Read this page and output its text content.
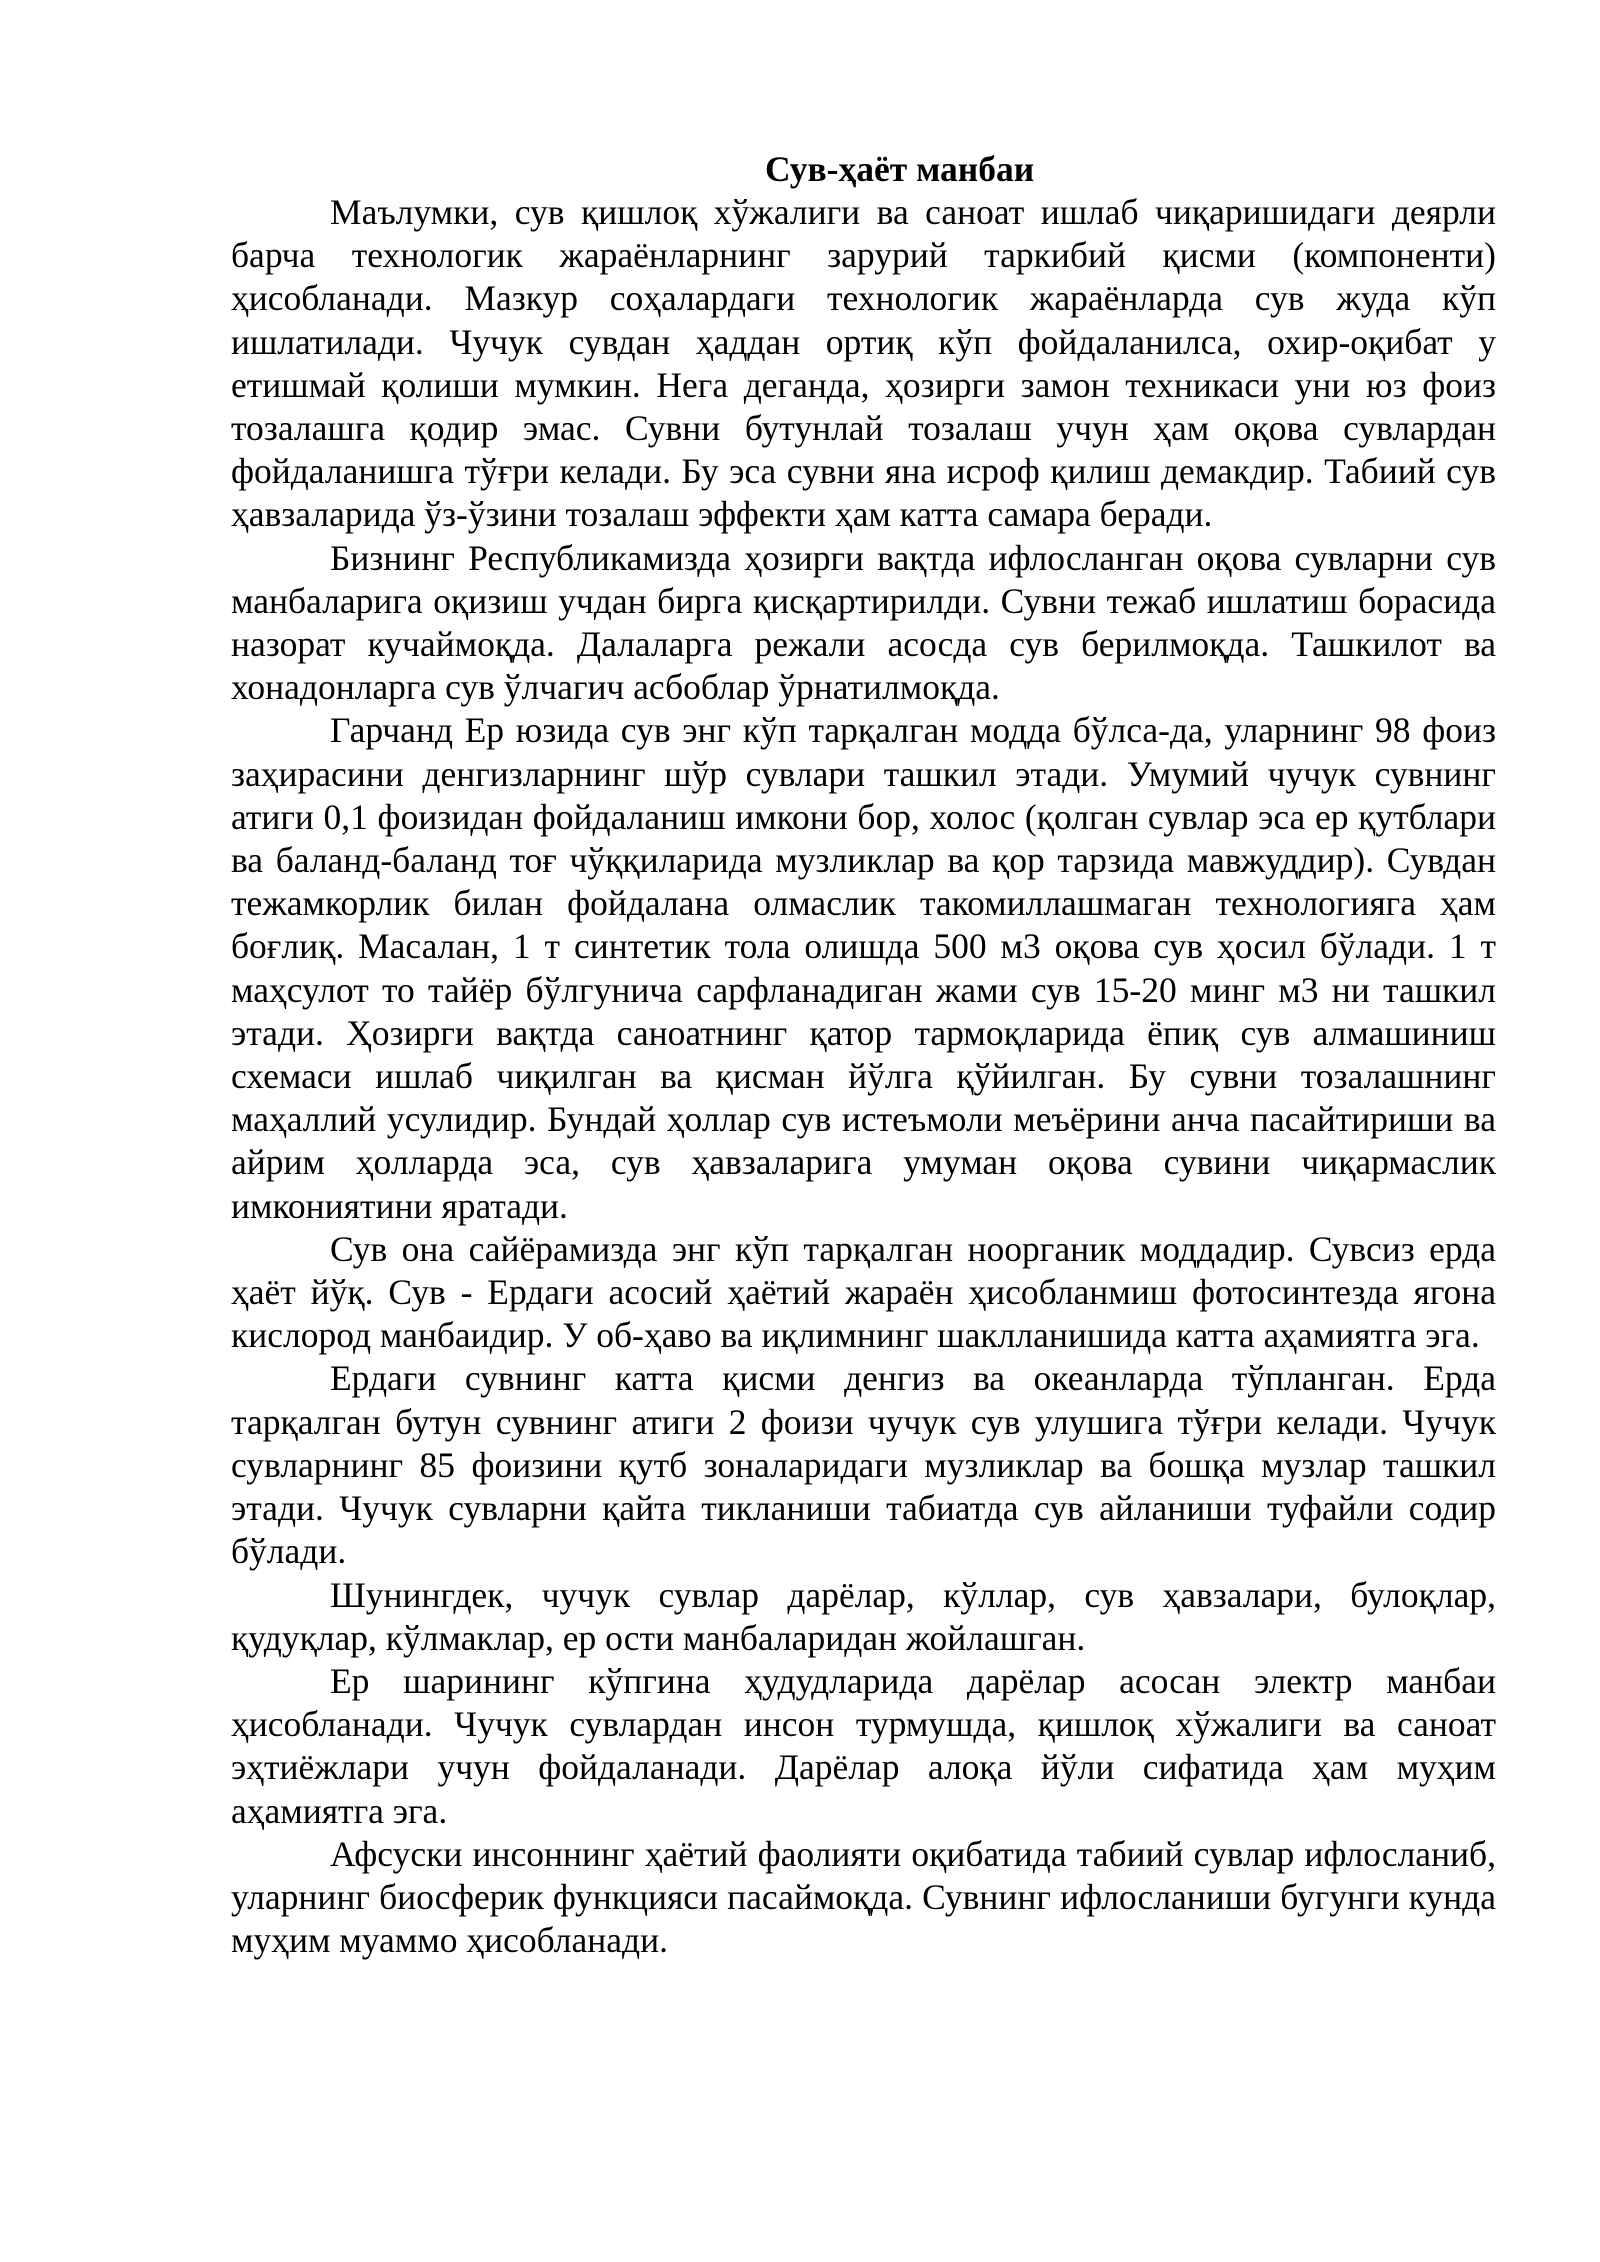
Сув-ҳаёт манбаи

Маълумки, сув қишлоқ хўжалиги ва саноат ишлаб чиқаришидаги деярли барча технологик жараёнларнинг зарурий таркибий қисми (компоненти) ҳисобланади. Мазкур соҳалардаги технологик жараёнларда сув жуда кўп ишлатилади. Чучук сувдан ҳаддан ортиқ кўп фойдаланилса, охир-оқибат у етишмай қолиши мумкин. Нега деганда, ҳозирги замон техникаси уни юз фоиз тозалашга қодир эмас. Сувни бутунлай тозалаш учун ҳам оқова сувлардан фойдаланишга тўғри келади. Бу эса сувни яна исроф қилиш демакдир. Табиий сув ҳавзаларида ўз-ўзини тозалаш эффекти ҳам катта самара беради.

Бизнинг Республикамизда ҳозирги вақтда ифлосланган оқова сувларни сув манбаларига оқизиш учдан бирга қисқартирилди. Сувни тежаб ишлатиш борасида назорат кучаймоқда. Далаларга режали асосда сув берилмоқда. Ташкилот ва хонадонларга сув ўлчагич асбоблар ўрнатилмоқда.

Гарчанд Ер юзида сув энг кўп тарқалган модда бўлса-да, уларнинг 98 фоиз заҳирасини денгизларнинг шўр сувлари ташкил этади. Умумий чучук сувнинг атиги 0,1 фоизидан фойдаланиш имкони бор, холос (қолган сувлар эса ер қутблари ва баланд-баланд тоғ чўққиларида музликлар ва қор тарзида мавжуддир). Сувдан тежамкорлик билан фойдалана олмаслик такомиллашмаган технологияга ҳам боғлиқ. Масалан, 1 т синтетик тола олишда 500 м3 оқова сув ҳосил бўлади. 1 т маҳсулот то тайёр бўлгунича сарфланадиган жами сув 15-20 минг м3 ни ташкил этади. Ҳозирги вақтда саноатнинг қатор тармоқларида ёпиқ сув алмашиниш схемаси ишлаб чиқилган ва қисман йўлга қўйилган. Бу сувни тозалашнинг маҳаллий усулидир. Бундай ҳоллар сув истеъмоли меъёрини анча пасайтириши ва айрим ҳолларда эса, сув ҳавзаларига умуман оқова сувини чиқармаслик имкониятини яратади.

Сув она сайёрамизда энг кўп тарқалган ноорганик моддадир. Сувсиз ерда ҳаёт йўқ. Сув - Ердаги асосий ҳаётий жараён ҳисобланмиш фотосинтезда ягона кислород манбаидир. У об-ҳаво ва иқлимнинг шаклланишида катта аҳамиятга эга.

Ердаги сувнинг катта қисми денгиз ва океанларда тўпланган. Ерда тарқалган бутун сувнинг атиги 2 фоизи чучук сув улушига тўғри келади. Чучук сувларнинг 85 фоизини қутб зоналаридаги музликлар ва бошқа музлар ташкил этади. Чучук сувларни қайта тикланиши табиатда сув айланиши туфайли содир бўлади.

Шунингдек, чучук сувлар дарёлар, кўллар, сув ҳавзалари, булоқлар, қудуқлар, кўлмаклар, ер ости манбаларидан жойлашган.

Ер шарининг кўпгина ҳудудларида дарёлар асосан электр манбаи ҳисобланади. Чучук сувлардан инсон турмушда, қишлоқ хўжалиги ва саноат эҳтиёжлари учун фойдаланади. Дарёлар алоқа йўли сифатида ҳам муҳим аҳамиятга эга.

Афсуски инсоннинг ҳаётий фаолияти оқибатида табиий сувлар ифлосланиб, уларнинг биосферик функцияси пасаймоқда. Сувнинг ифлосланиши бугунги кунда муҳим муаммо ҳисобланади.
